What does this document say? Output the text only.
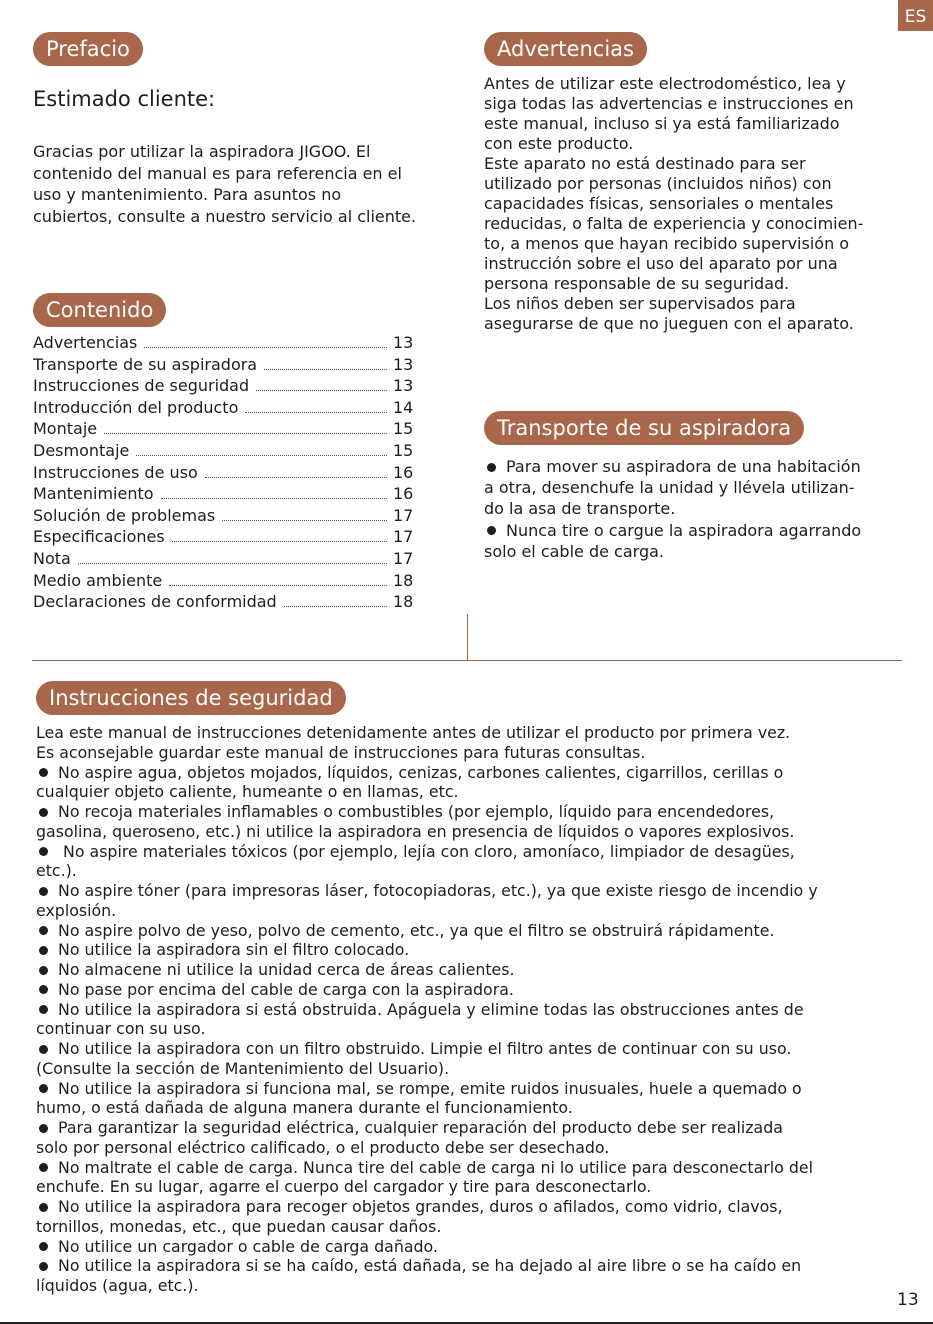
ES
Prefacio
Estimado cliente:

Gracias por utilizar la aspiradora JIGOO. El

contenido del manual es para referencia en el

uso y mantenimiento. Para asuntos no

cubiertos, consulte a nuestro servicio al cliente.

Contenido
Advertencias	13
Transporte de su aspiradora	13
Instrucciones de seguridad	13
Introducción del producto	14
Montaje	15
Desmontaje	15
Instrucciones de uso	16
Mantenimiento	16
Solución de problemas	17
Especificaciones	17
Nota	17
Medio ambiente	18
Declaraciones de conformidad	18
Advertencias

Antes de utilizar este electrodoméstico, lea y

siga todas las advertencias e instrucciones en

este manual, incluso si ya está familiarizado

con este producto.

Este aparato no está destinado para ser

utilizado por personas (incluidos niños) con

capacidades físicas, sensoriales o mentales

reducidas, o falta de experiencia y conocimien-

to, a menos que hayan recibido supervisión o

instrucción sobre el uso del aparato por una

persona responsable de su seguridad.

Los niños deben ser supervisados para

asegurarse de que no jueguen con el aparato.

Transporte de su aspiradora

Para mover su aspiradora de una habitación

a otra, desenchufe la unidad y llévela utilizan-

do la asa de transporte.

Nunca tire o cargue la aspiradora agarrando

solo el cable de carga.

Instrucciones de seguridad

Lea este manual de instrucciones detenidamente antes de utilizar el producto por primera vez.

Es aconsejable guardar este manual de instrucciones para futuras consultas.

No aspire agua, objetos mojados, líquidos, cenizas, carbones calientes, cigarrillos, cerillas o

cualquier objeto caliente, humeante o en llamas, etc.

No recoja materiales inflamables o combustibles (por ejemplo, líquido para encendedores,

gasolina, queroseno, etc.) ni utilice la aspiradora en presencia de líquidos o vapores explosivos.

No aspire materiales tóxicos (por ejemplo, lejía con cloro, amoníaco, limpiador de desagües,

etc.).

No aspire tóner (para impresoras láser, fotocopiadoras, etc.), ya que existe riesgo de incendio y

explosión.

No aspire polvo de yeso, polvo de cemento, etc., ya que el filtro se obstruirá rápidamente.

No utilice la aspiradora sin el filtro colocado.

No almacene ni utilice la unidad cerca de áreas calientes.

No pase por encima del cable de carga con la aspiradora.

No utilice la aspiradora si está obstruida. Apáguela y elimine todas las obstrucciones antes de

continuar con su uso.

No utilice la aspiradora con un filtro obstruido. Limpie el filtro antes de continuar con su uso.

(Consulte la sección de Mantenimiento del Usuario).

No utilice la aspiradora si funciona mal, se rompe, emite ruidos inusuales, huele a quemado o

humo, o está dañada de alguna manera durante el funcionamiento.

Para garantizar la seguridad eléctrica, cualquier reparación del producto debe ser realizada

solo por personal eléctrico calificado, o el producto debe ser desechado.

No maltrate el cable de carga. Nunca tire del cable de carga ni lo utilice para desconectarlo del

enchufe. En su lugar, agarre el cuerpo del cargador y tire para desconectarlo.

No utilice la aspiradora para recoger objetos grandes, duros o afilados, como vidrio, clavos,

tornillos, monedas, etc., que puedan causar daños.

No utilice un cargador o cable de carga dañado.

No utilice la aspiradora si se ha caído, está dañada, se ha dejado al aire libre o se ha caído en

líquidos (agua, etc.).

13
